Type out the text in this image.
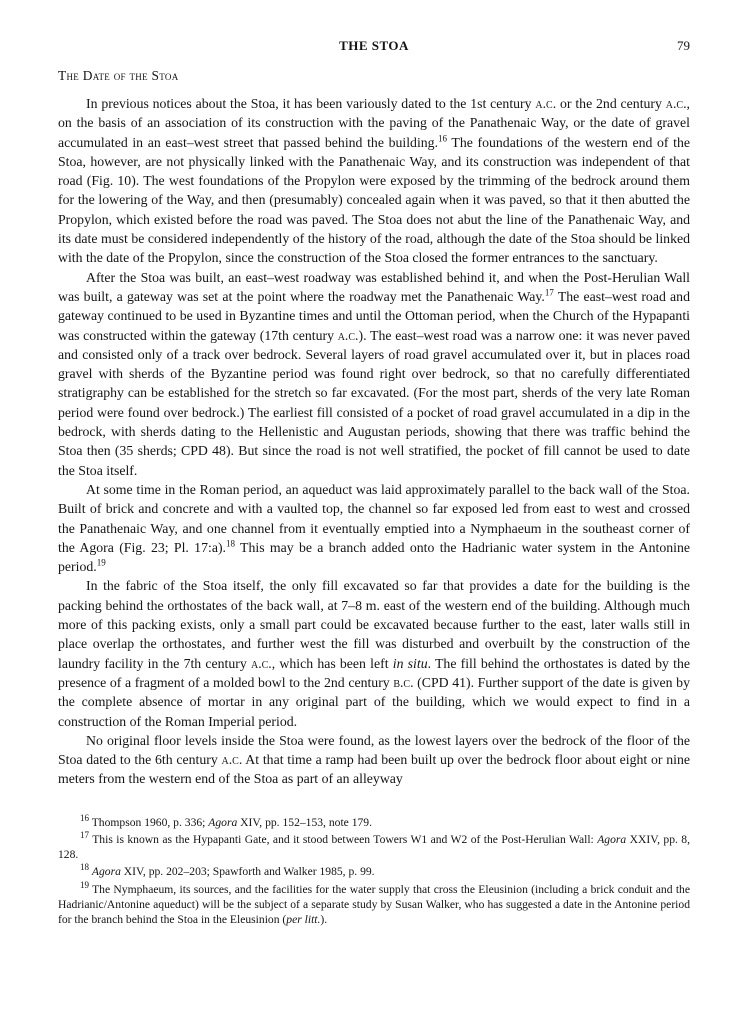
THE STOA	79
The Date of the Stoa

In previous notices about the Stoa, it has been variously dated to the 1st century a.c. or the 2nd century a.c., on the basis of an association of its construction with the paving of the Panathenaic Way, or the date of gravel accumulated in an east–west street that passed behind the building.$^{16}$ The foundations of the western end of the Stoa, however, are not physically linked with the Panathenaic Way, and its construction was independent of that road (Fig. 10). The west foundations of the Propylon were exposed by the trimming of the bedrock around them for the lowering of the Way, and then (presumably) concealed again when it was paved, so that it then abutted the Propylon, which existed before the road was paved. The Stoa does not abut the line of the Panathenaic Way, and its date must be considered independently of the history of the road, although the date of the Stoa should be linked with the date of the Propylon, since the construction of the Stoa closed the former entrances to the sanctuary.

After the Stoa was built, an east–west roadway was established behind it, and when the Post-Herulian Wall was built, a gateway was set at the point where the roadway met the Panathenaic Way.$^{17}$ The east–west road and gateway continued to be used in Byzantine times and until the Ottoman period, when the Church of the Hypapanti was constructed within the gateway (17th century a.c.). The east–west road was a narrow one: it was never paved and consisted only of a track over bedrock. Several layers of road gravel accumulated over it, but in places road gravel with sherds of the Byzantine period was found right over bedrock, so that no carefully differentiated stratigraphy can be established for the stretch so far excavated. (For the most part, sherds of the very late Roman period were found over bedrock.) The earliest fill consisted of a pocket of road gravel accumulated in a dip in the bedrock, with sherds dating to the Hellenistic and Augustan periods, showing that there was traffic behind the Stoa then (35 sherds; CPD 48). But since the road is not well stratified, the pocket of fill cannot be used to date the Stoa itself.

At some time in the Roman period, an aqueduct was laid approximately parallel to the back wall of the Stoa. Built of brick and concrete and with a vaulted top, the channel so far exposed led from east to west and crossed the Panathenaic Way, and one channel from it eventually emptied into a Nymphaeum in the southeast corner of the Agora (Fig. 23; Pl. 17:a).$^{18}$ This may be a branch added onto the Hadrianic water system in the Antonine period.$^{19}$

In the fabric of the Stoa itself, the only fill excavated so far that provides a date for the building is the packing behind the orthostates of the back wall, at 7–8 m. east of the western end of the building. Although much more of this packing exists, only a small part could be excavated because further to the east, later walls still in place overlap the orthostates, and further west the fill was disturbed and overbuilt by the construction of the laundry facility in the 7th century a.c., which has been left in situ. The fill behind the orthostates is dated by the presence of a fragment of a molded bowl to the 2nd century b.c. (CPD 41). Further support of the date is given by the complete absence of mortar in any original part of the building, which we would expect to find in a construction of the Roman Imperial period.

No original floor levels inside the Stoa were found, as the lowest layers over the bedrock of the floor of the Stoa dated to the 6th century a.c. At that time a ramp had been built up over the bedrock floor about eight or nine meters from the western end of the Stoa as part of an alleyway

$^{16}$ Thompson 1960, p. 336; Agora XIV, pp. 152–153, note 179.

$^{17}$ This is known as the Hypapanti Gate, and it stood between Towers W1 and W2 of the Post-Herulian Wall: Agora XXIV, pp. 8, 128.

$^{18}$ Agora XIV, pp. 202–203; Spawforth and Walker 1985, p. 99.

$^{19}$ The Nymphaeum, its sources, and the facilities for the water supply that cross the Eleusinion (including a brick conduit and the Hadrianic/Antonine aqueduct) will be the subject of a separate study by Susan Walker, who has suggested a date in the Antonine period for the branch behind the Stoa in the Eleusinion (per litt.).
